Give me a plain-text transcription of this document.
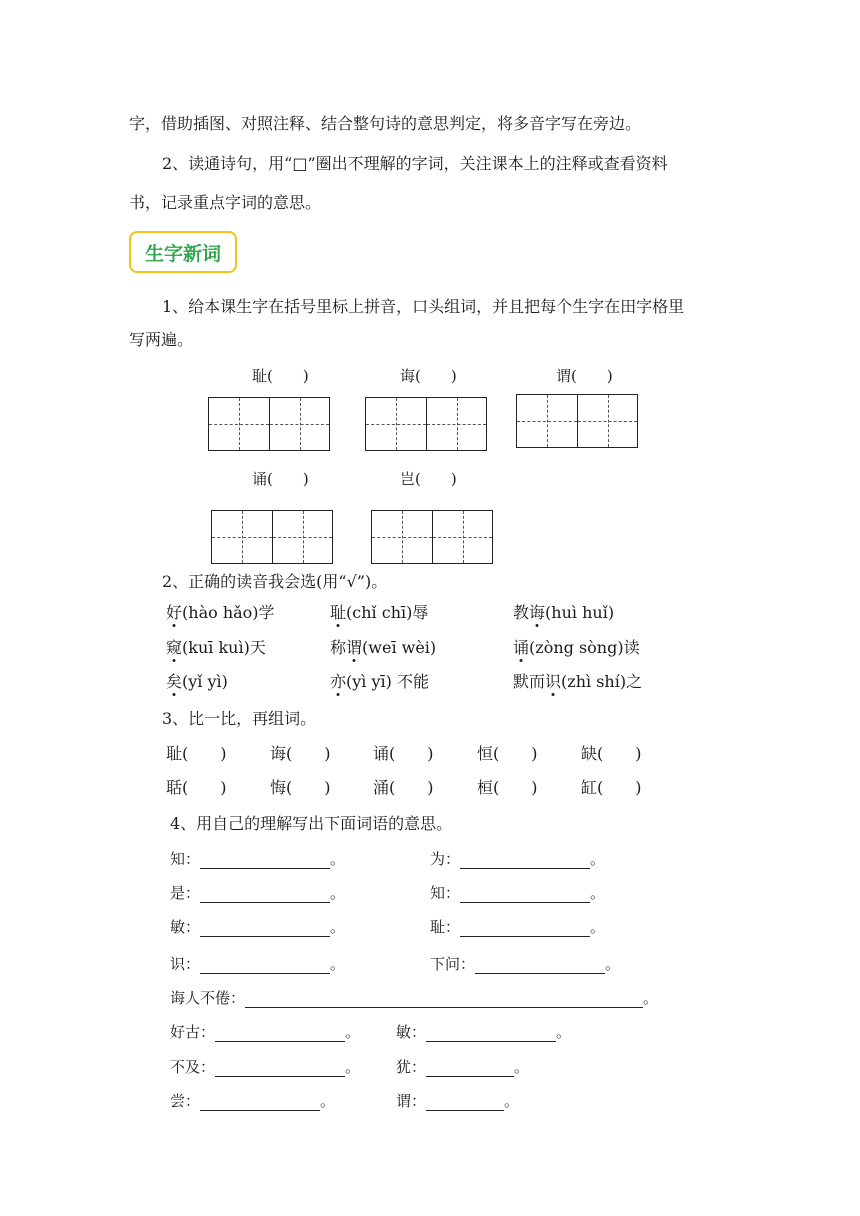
字，借助插图、对照注释、结合整句诗的意思判定，将多音字写在旁边。
2、读通诗句，用“□”圈出不理解的字词，关注课本上的注释或查看资料
书，记录重点字词的意思。
生字新词
1、给本课生字在括号里标上拼音，口头组词，并且把每个生字在田字格里
写两遍。
耻(　　)	诲(　　)	谓(　　)
诵(　　)	岂(　　)
2、正确的读音我会选(用“√”)。
好(hào hǎo)学	耻(chǐ chī)辱	教诲(huì huǐ)
窥(kuī kuì)天	称谓(weī wèi)	诵(zòng sòng)读
矣(yǐ yì)	亦(yì yī) 不能	默而识(zhì shí)之
3、比一比，再组词。
耻(　　)	诲(　　)	诵(　　)	恒(　　)	缺(　　)
聒(　　)	悔(　　)	涌(　　)	桓(　　)	缸(　　)
4、用自己的理解写出下面词语的意思。
知：	。	为：	。
是：	。	知：	。
敏：	。	耻：	。
识：	。	下问：	。
诲人不倦：	。
好古：	。 敏：	。
不及：	。 犹：	。
尝：	。	谓：	。
